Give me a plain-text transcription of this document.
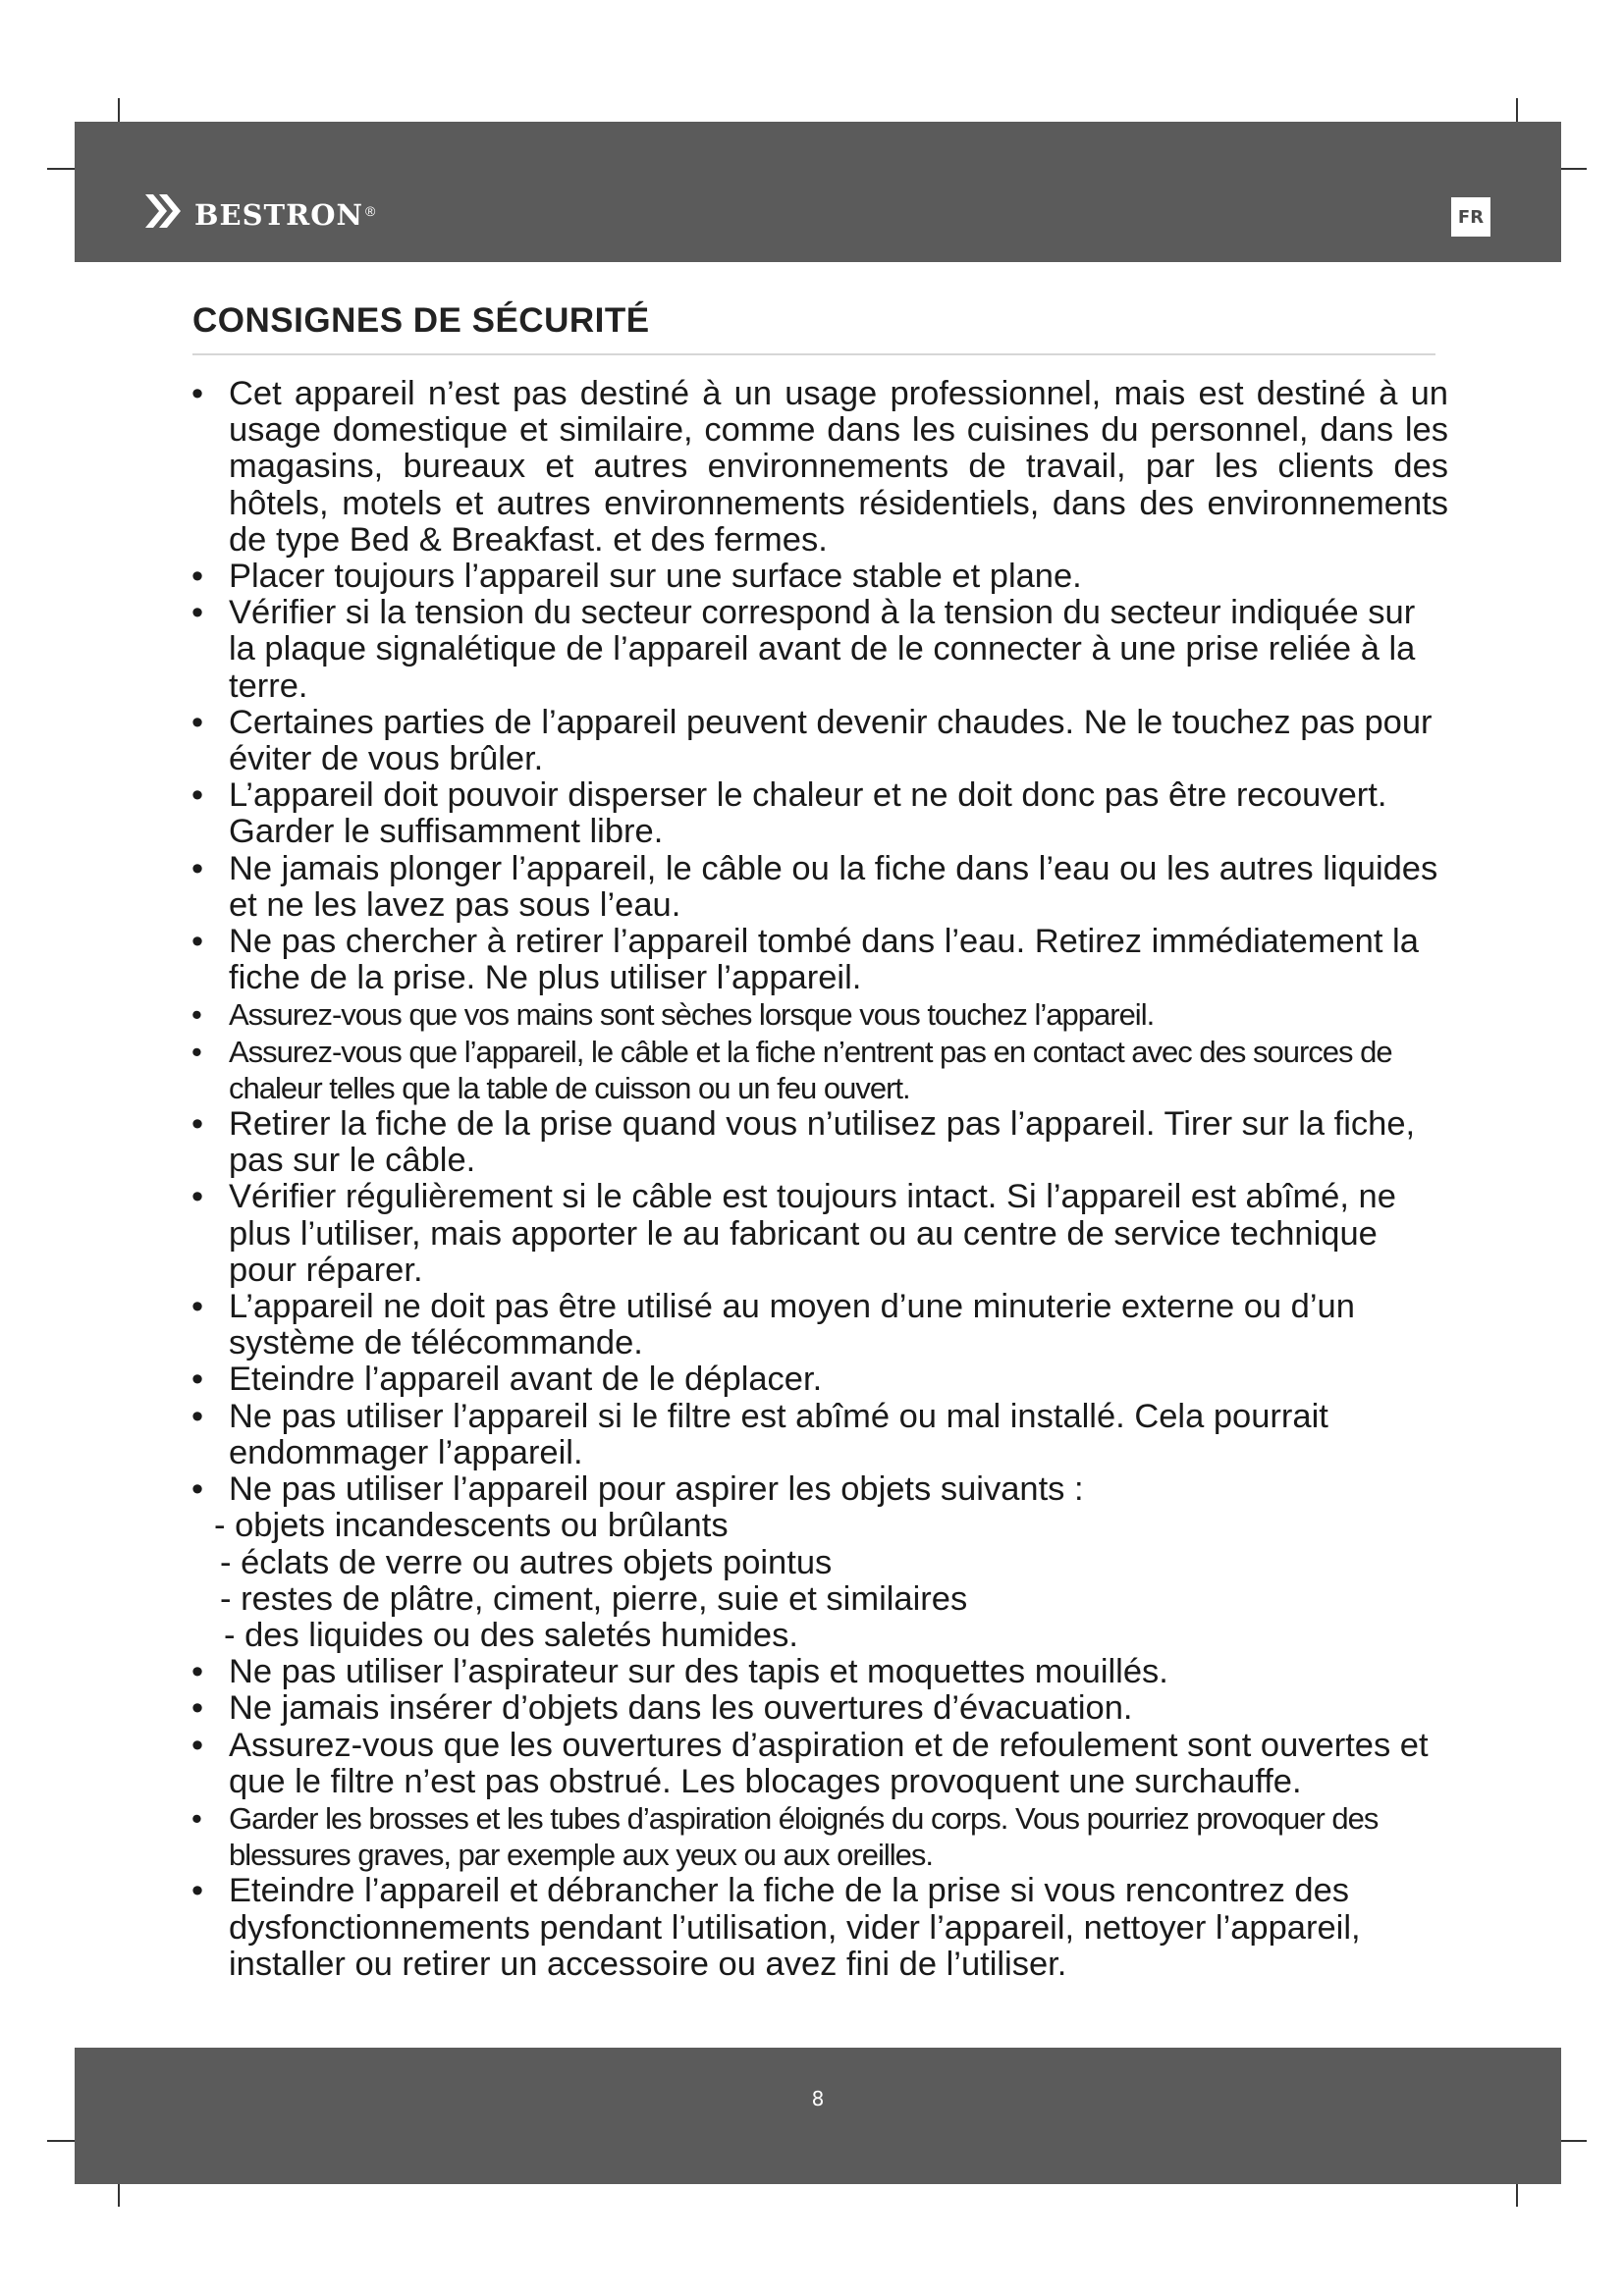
bestron ®	FR
CONSIGNES DE SÉCURITÉ
• Cet appareil n’est pas destiné à un usage professionnel, mais est destiné à un usage domestique et similaire, comme dans les cuisines du personnel, dans les magasins, bureaux et autres environnements de travail, par les clients des hôtels, motels et autres environnements résidentiels, dans des environnements de type Bed & Breakfast. et des fermes.
• Placer toujours l’appareil sur une surface stable et plane.
• Vérifier si la tension du secteur correspond à la tension du secteur indiquée sur la plaque signalétique de l’appareil avant de le connecter à une prise reliée à la terre.
• Certaines parties de l’appareil peuvent devenir chaudes. Ne le touchez pas pour éviter de vous brûler.
• L’appareil doit pouvoir disperser le chaleur et ne doit donc pas être recouvert. Garder le suffisamment libre.
• Ne jamais plonger l’appareil, le câble ou la fiche dans l’eau ou les autres liquides et ne les lavez pas sous l’eau.
• Ne pas chercher à retirer l’appareil tombé dans l’eau. Retirez immédiatement la fiche de la prise. Ne plus utiliser l’appareil.
• Assurez-vous que vos mains sont sèches lorsque vous touchez l’appareil.
• Assurez-vous que l’appareil, le câble et la fiche n’entrent pas en contact avec des sources de chaleur telles que la table de cuisson ou un feu ouvert.
• Retirer la fiche de la prise quand vous n’utilisez pas l’appareil. Tirer sur la fiche, pas sur le câble.
• Vérifier régulièrement si le câble est toujours intact. Si l’appareil est abîmé, ne plus l’utiliser, mais apporter le au fabricant ou au centre de service technique pour réparer.
• L’appareil ne doit pas être utilisé au moyen d’une minuterie externe ou d’un système de télécommande.
• Eteindre l’appareil avant de le déplacer.
• Ne pas utiliser l’appareil si le filtre est abîmé ou mal installé. Cela pourrait endommager l’appareil.
• Ne pas utiliser l’appareil pour aspirer les objets suivants :
- objets incandescents ou brûlants
- éclats de verre ou autres objets pointus
- restes de plâtre, ciment, pierre, suie et similaires
- des liquides ou des saletés humides.
• Ne pas utiliser l’aspirateur sur des tapis et moquettes mouillés.
• Ne jamais insérer d’objets dans les ouvertures d’évacuation.
• Assurez-vous que les ouvertures d’aspiration et de refoulement sont ouvertes et que le filtre n’est pas obstrué. Les blocages provoquent une surchauffe.
• Garder les brosses et les tubes d’aspiration éloignés du corps. Vous pourriez provoquer des blessures graves, par exemple aux yeux ou aux oreilles.
• Eteindre l’appareil et débrancher la fiche de la prise si vous rencontrez des dysfonctionnements pendant l’utilisation, vider l’appareil, nettoyer l’appareil, installer ou retirer un accessoire ou avez fini de l’utiliser.
8
